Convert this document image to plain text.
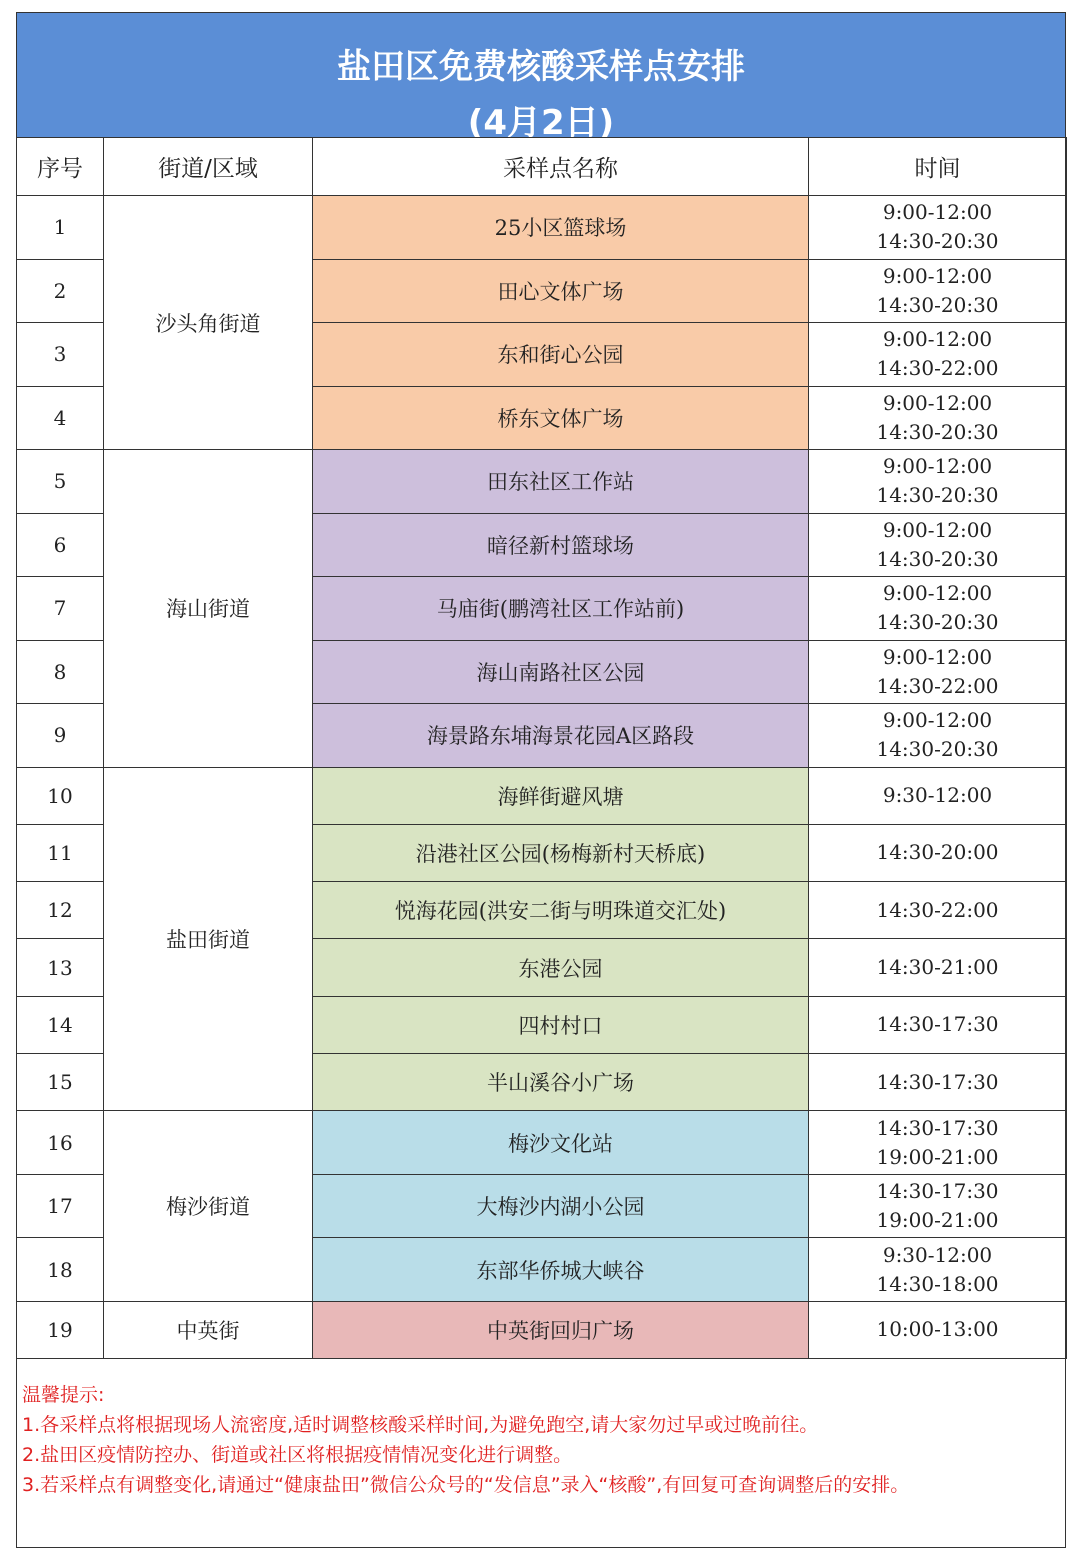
盐田区免费核酸采样点安排
(4月2日)
序号	街道/区域	采样点名称	时间
1	沙头角街道	25小区篮球场	9:00-12:00
14:30-20:30

2		田心文体广场	9:00-12:00
14:30-20:30

3		东和街心公园	9:00-12:00
14:30-22:00

4		桥东文体广场	9:00-12:00
14:30-20:30

5	海山街道	田东社区工作站	9:00-12:00
14:30-20:30

6		暗径新村篮球场	9:00-12:00
14:30-20:30

7		马庙街(鹏湾社区工作站前)	9:00-12:00
14:30-20:30

8		海山南路社区公园	9:00-12:00
14:30-22:00

9		海景路东埔海景花园A区路段	9:00-12:00
14:30-20:30

10	盐田街道	海鲜街避风塘	9:30-12:00

11		沿港社区公园(杨梅新村天桥底)	14:30-20:00

12		悦海花园(洪安二街与明珠道交汇处)	14:30-22:00

13		东港公园	14:30-21:00

14		四村村口	14:30-17:30

15		半山溪谷小广场	14:30-17:30

16	梅沙街道	梅沙文化站	14:30-17:30
19:00-21:00

17		大梅沙内湖小公园	14:30-17:30
19:00-21:00

18		东部华侨城大峡谷	9:30-12:00
14:30-18:00

19	中英街	中英街回归广场	10:00-13:00
温馨提示:
1.各采样点将根据现场人流密度,适时调整核酸采样时间,为避免跑空,请大家勿过早或过晚前往。
2.盐田区疫情防控办、街道或社区将根据疫情情况变化进行调整。
3.若采样点有调整变化,请通过“健康盐田”微信公众号的“发信息”录入“核酸”,有回复可查询调整后的安排。
